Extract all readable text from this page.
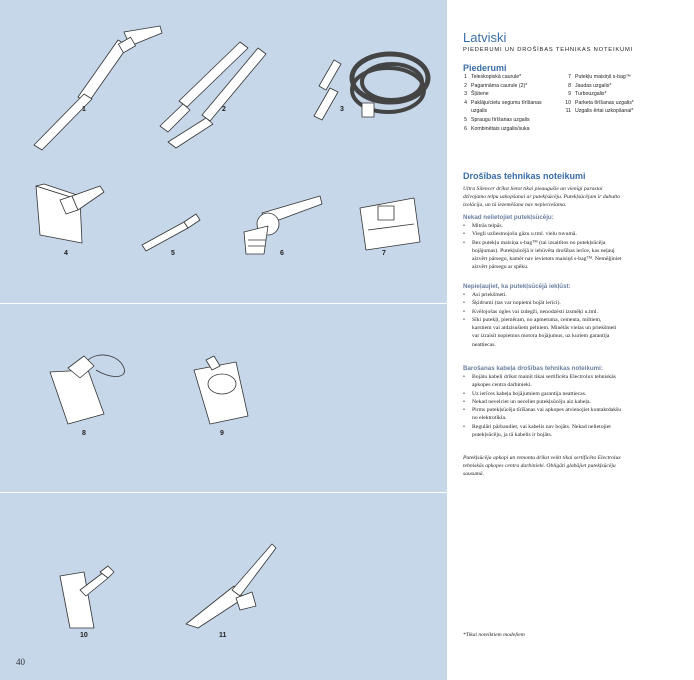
1	2	3
4	5	6	7
8	9
10	11
40
Latviski
PIEDERUMI UN DROŠĪBAS TEHNIKAS NOTEIKUMI
Piederumi
1 Teleskopiskā caurule*
2 Pagarināma caurule (2)*
3 Šļūtene
4 Paklāju/cietu segumu tīrīšanas
uzgalis
5 Spraugu tīrīšanas uzgalis
6 Kombinētais uzgalis/suka
7 Putekļu maisiņš s-bag™
8 Jaudas uzgalis*
9 Turbouzgalis*
10 Parketa tīrīšanas uzgalis*
11 Uzgalis ērtai uzkopšanai*
Drošības tehnikas noteikumi
Ultra Silencer drīkst lietot tikai pieaugušie un vienīgi parastai
dzīvojamo telpu uzkopšanai ar putekļsūcēju. Putekļsūcējam ir dubulta
izolācija, un tā iezemēšana nav nepieciešama.
Nekad nelietojiet putekļsūcēju:
• Mitrās telpās.
• Viegli uzliesmojošu gāzu u.tml. vielu tuvumā.
• Bez putekļu maisiņa s-bag™ (tai izsaitītos no putekļsūcēja
bojājumas). Putekļsūcējā ir iebūvēta drošības ierīce, kas neļauj
aizvērt pārsegu, kamēr nav ievietots maisiņš s-bag™. Nemēģiniet
aizvērt pārsegu ar spēku.
Nepieļaujiet, ka putekļsūcējā iekļūst:
• Asi priekšmeti.
• Šķidrumi (tas var nopietni bojāt ierīci).
• Kvēlojošas ogles vai izdegži, nenodzēsti izsmēķi u.tml.
• Sīki putekļi, piemēram, no apmetuma, cementa, miltiem,
karstiem vai atdzisušiem pelniem. Minētās vielas un priekšmeti
var izraisīt nopietnus motora bojājumus, uz kuriem garantija
neattiecas.
Barošanas kabeļa drošības tehnikas noteikumi:
• Bojātu kabeli drīkst mainīt tikai sertificēta Electrolux tehniskās
apkopes centra darbinieki.
• Uz ierīces kabeļa bojājumiem garantija neattiecas.
• Nekad nevelciet un neceliet putekļsūcēju aiz kabeļa.
• Pirms putekļsūcēja tīrīšanas vai apkopes atvienojiet kontaktdakšu
no elektrotīkla.
• Regulāri pārbaudiet, vai kabelis nav bojāts. Nekad nelietojiet
putekļsūcēju, ja tā kabelis ir bojāts.
Putekļsūcēja apkopi un remontu drīkst veikt tikai sertificēta Electrolux
tehniskās apkopes centra darbinieki. Obligāti glabājiet putekļsūcēju
sausumā.
*Tikai noteiktiem modeļiem
